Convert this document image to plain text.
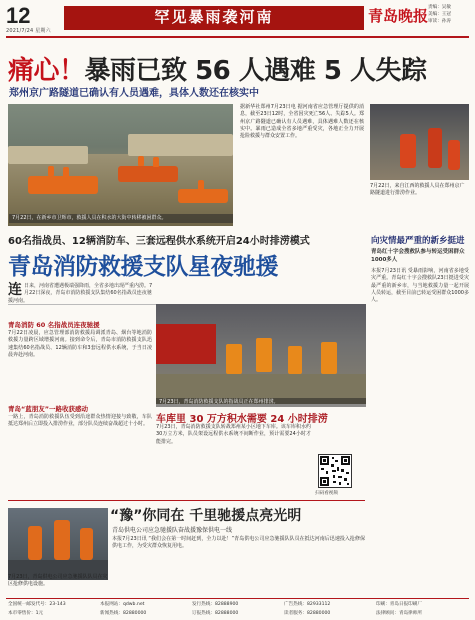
12
2021/7/24 星期六
罕见暴雨袭河南	青岛晚报 责编：吴敏
美编：王冠
审读：孙涛
痛心！暴雨已致 56 人遇难 5 人失踪
郑州京广路隧道已确认有人员遇难，具体人数还在核实中
7月22日，在新乡市卫辉市，救援人员在积水的大街中转移被困群众。
据新华社郑州7月23日电 据河南省应急管理厅提供的消息，截至23日12时，全省因灾死亡56人、失踪5人。郑州京广路隧道已确认有人员遇难，具体遇难人数还在核实中。暴雨已造成全省多地严重受灾，各地正全力开展抢险救援与群众安置工作。
7月22日，来自江西的救援人员在郑州京广路隧道进行排涝作业。
60名指战员、12辆消防车、三套远程供水系统开启24小时排涝模式
青岛消防救援支队星夜驰援
连日来，河南省遭遇极端强降雨，全省多地出现严重内涝。7月22日深夜，青岛市消防救援支队集结60名指战员连夜驰援河南。
青岛消防 60 名指战员连夜驰援
7月22日凌晨，应急管理部消防救援局调派青岛、烟台等地消防救援力量跨区域增援河南。接到命令后，青岛市消防救援支队迅速集结60名指战员、12辆消防车和3套远程供水系统，于当日凌晨奔赴河南。
青岛“蓝朋友”一路收获感动
一路上，青岛消防救援队伍受到沿途群众热情迎接与致敬，车队抵达郑州后立即投入排涝作业，部分队员连续奋战超过十小时。
7月23日，青岛消防救援支队的指战员正在郑州排涝。
车库里 30 万方积水需要 24 小时排涝
7月23日，青岛消防救援支队转战郑州某小区地下车库。该车库积水约30万立方米，队员架设远程供水系统不间断作业，预计需要24小时才能排完。
扫码看视频
向灾情最严重的新乡挺进
青岛红十字会搜救队参与转运受困群众1000多人
本报7月23日讯 受暴雨影响，河南省多地受灾严重。青岛红十字会搜救队23日挺进受灾最严重的新乡市，与当地救援力量一起开展人员转运，截至目前已转运受困群众1000多人。
7月23日，青岛供电公司应急驰援队队员在灾区抢修供电设施。
“豫”你同在 千里驰援点亮光明
青岛供电公司应急驰援队奋战援豫保供电一线
本报7月23日讯 “我们会在第一时间赶到，全力以赴！”青岛供电公司应急驰援队队员在抵达河南后迅速投入抢修保供电工作，为受灾群众恢复用电。
全国统一邮发代号：23-143	本报网站：qdwb.net	发行热线：82888900	广告热线：82933112	印刷：青岛日报印刷厂
本市零售价：1元	新闻热线：82880000	订报热线：82888000	读者服务：82880000	法律顾问：青岛律师所
